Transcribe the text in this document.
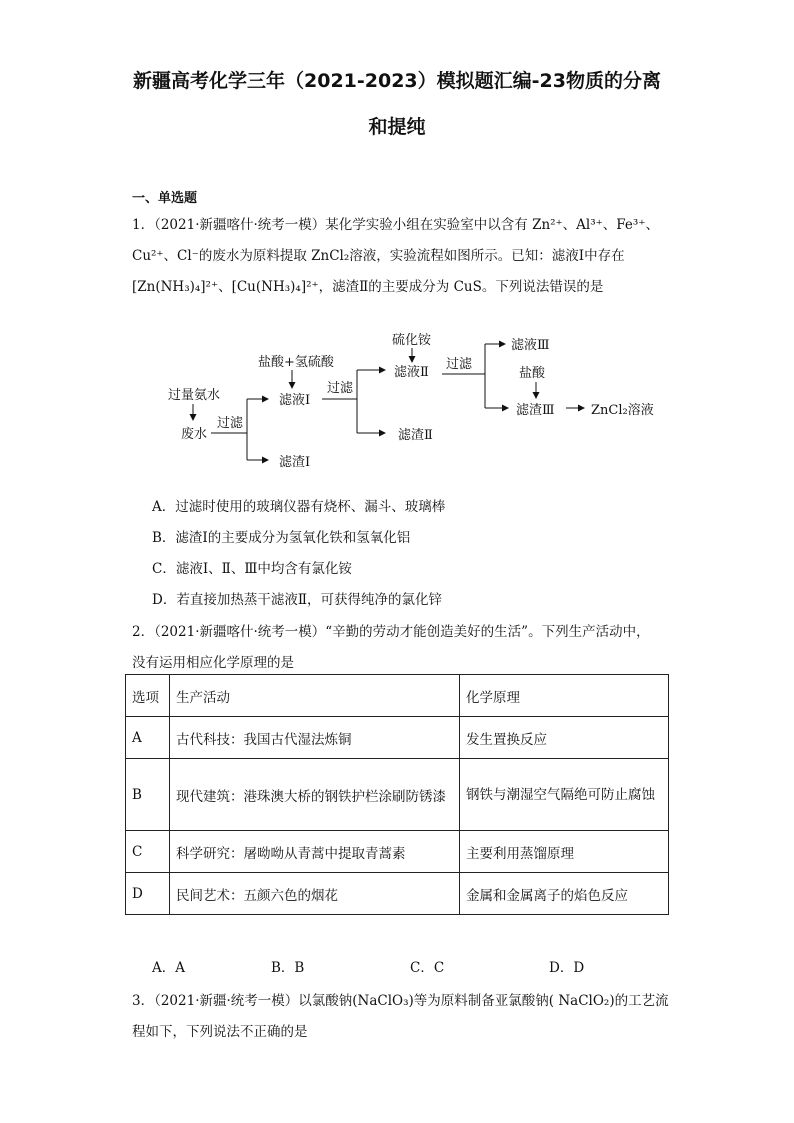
新疆高考化学三年（2021-2023）模拟题汇编-23物质的分离
和提纯
一、单选题
1．（2021·新疆喀什·统考一模）某化学实验小组在实验室中以含有 Zn²⁺、Al³⁺、Fe³⁺、
Cu²⁺、Cl⁻的废水为原料提取 ZnCl₂溶液，实验流程如图所示。已知：滤液Ⅰ中存在
[Zn(NH₃)₄]²⁺、[Cu(NH₃)₄]²⁺，滤渣Ⅱ的主要成分为 CuS。下列说法错误的是
过量氨水
废水
过滤
滤液Ⅰ
滤渣Ⅰ
盐酸+氢硫酸
过滤
滤液Ⅱ
滤渣Ⅱ
硫化铵
过滤
滤液Ⅲ
盐酸
滤渣Ⅲ	ZnCl₂溶液
A．过滤时使用的玻璃仪器有烧杯、漏斗、玻璃棒
B．滤渣Ⅰ的主要成分为氢氧化铁和氢氧化铝
C．滤液Ⅰ、Ⅱ、Ⅲ中均含有氯化铵
D．若直接加热蒸干滤液Ⅱ，可获得纯净的氯化锌
2．（2021·新疆喀什·统考一模）“辛勤的劳动才能创造美好的生活”。下列生产活动中，
没有运用相应化学原理的是
选项	生产活动	化学原理
A	古代科技：我国古代湿法炼铜	发生置换反应
B	现代建筑：港珠澳大桥的钢铁护栏涂刷防锈漆	钢铁与潮湿空气隔绝可防止腐蚀
C	科学研究：屠呦呦从青蒿中提取青蒿素	主要利用蒸馏原理
D	民间艺术：五颜六色的烟花	金属和金属离子的焰色反应
A．A	B．B	C．C	D．D
3．（2021·新疆·统考一模）以氯酸钠(NaClO₃)等为原料制备亚氯酸钠( NaClO₂)的工艺流
程如下，下列说法不正确的是
